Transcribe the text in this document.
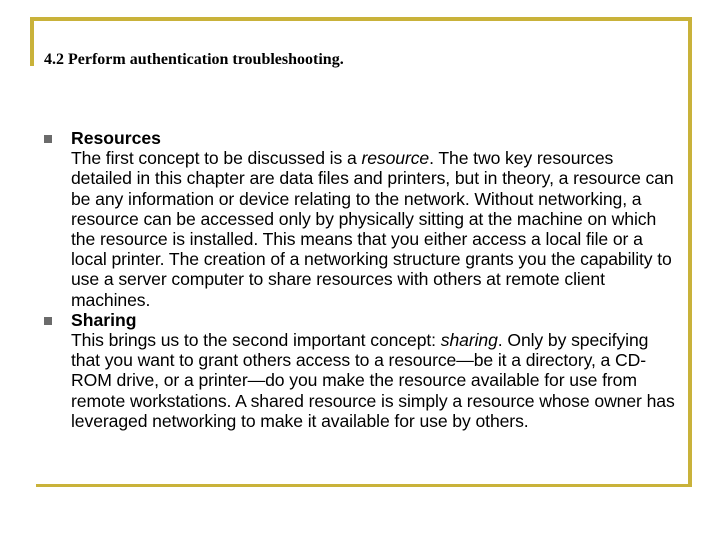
4.2 Perform authentication troubleshooting.
Resources
The first concept to be discussed is a resource. The two key resources detailed in this chapter are data files and printers, but in theory, a resource can be any information or device relating to the network. Without networking, a resource can be accessed only by physically sitting at the machine on which the resource is installed. This means that you either access a local file or a local printer. The creation of a networking structure grants you the capability to use a server computer to share resources with others at remote client machines.
Sharing
This brings us to the second important concept: sharing. Only by specifying that you want to grant others access to a resource—be it a directory, a CD-ROM drive, or a printer—do you make the resource available for use from remote workstations. A shared resource is simply a resource whose owner has leveraged networking to make it available for use by others.
